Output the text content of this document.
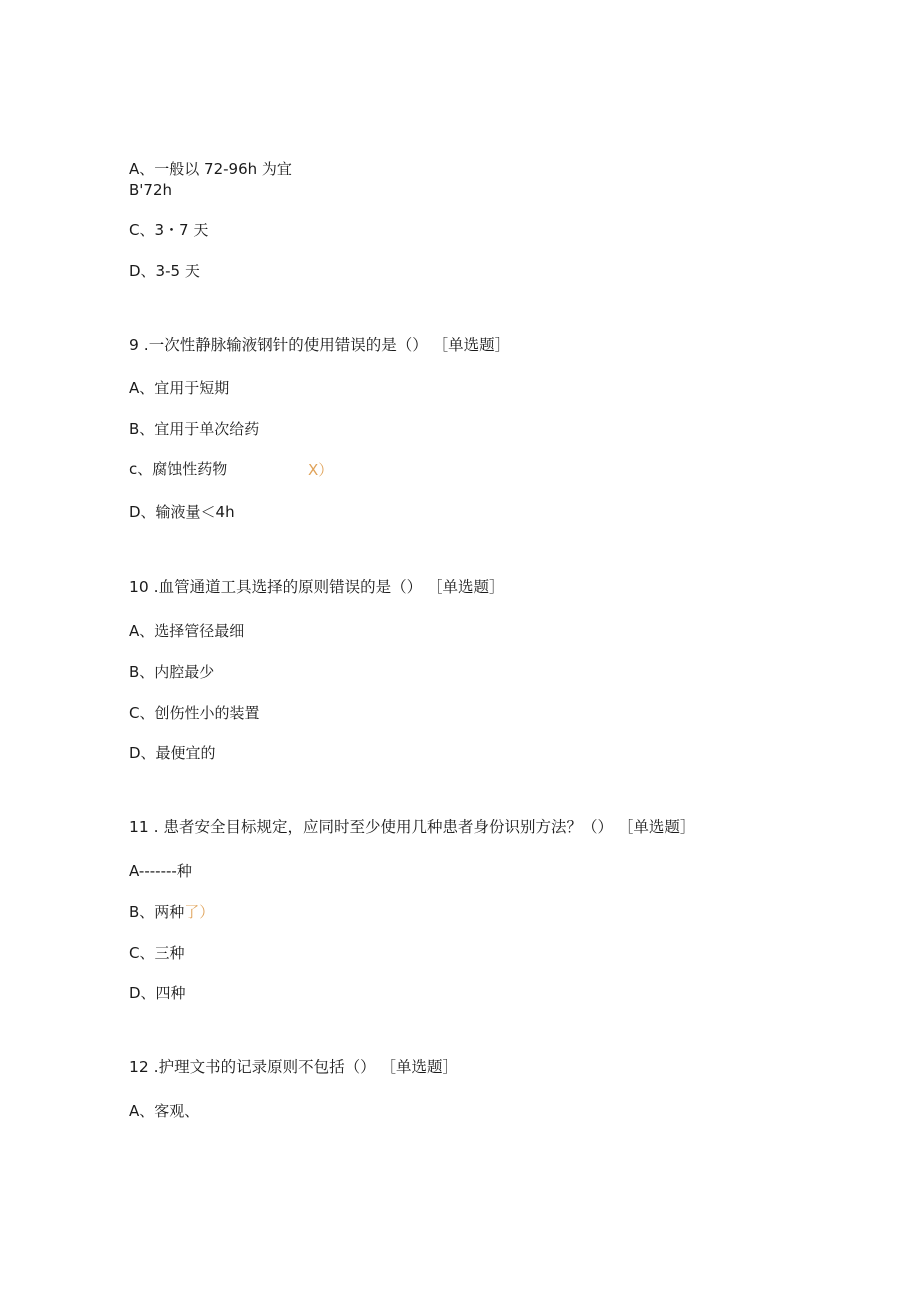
A、一般以 72-96h 为宜
B'72h
C、3・7 天
D、3-5 天
9 .一次性静脉输液钢针的使用错误的是（） ［单选题］
A、宜用于短期
B、宜用于单次给药
c、腐蚀性药物	X）
D、输液量＜4h
10 .血管通道工具选择的原则错误的是（） ［单选题］
A、选择管径最细
B、内腔最少
C、创伤性小的装置
D、最便宜的
11 . 患者安全目标规定，应同时至少使用几种患者身份识别方法？（） ［单选题］
A-------种
B、两种了）
C、三种
D、四种
12 .护理文书的记录原则不包括（） ［单选题］
A、客观、
